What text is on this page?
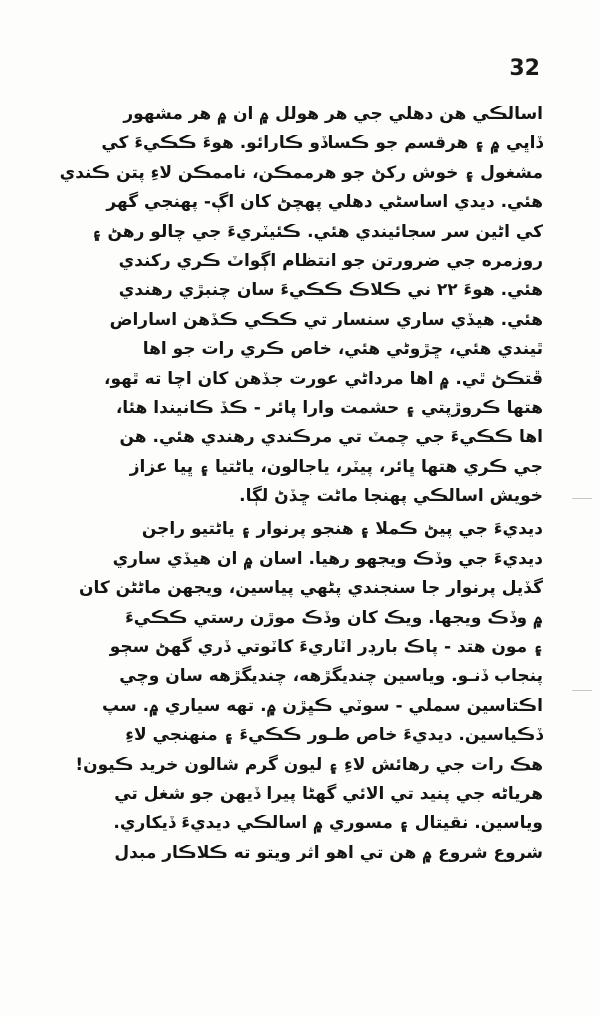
32
اسالڪي هن دهلي جي هر هولل ۾ ان ۾ هر مشهور
ڏاڀي ۾ ۽ هرقسم جو ڪساڏو ڪارائو. هوءَ ڪڪيءَ کي
مشغول ۽ خوش رکڻ جو هرممڪن، ناممڪن لاءِ پتن ڪندي
هئي. ديدي اساسڻي دهلي پهچڻ کان اڳ- پهنجي گهر
کي اڻين سر سجائيندي هئي. ڪئيٽريءَ جي چالو رهڻ ۽
روزمره جي ضرورتن جو انتظام اڳواٽ ڪري رکندي
هئي. هوءَ ٢٢ ني ڪلاڪ ڪڪيءَ سان چنبڙي رهندي
هئي. هيڏي ساري سنسار تي ڪڪي ڪڏهن اساراض
ٿيندي هئي، ڇڙوڻي هئي، خاص ڪري رات جو اها
ڦتڪڻ ٿي. ۾ اها مرداڻي عورت جڏهن کان اچا ته ٿهو،
هتها ڪروڙپتي ۽ حشمت وارا پائر - ڪڏ ڪانيندا هئا،
اها ڪڪيءَ جي چمٽ تي مرڪندي رهندي هئي. هن
جي ڪري هتها ڀائر، پيٽر، ياجالون، ياڻتيا ۽ ڀيا عزاز
خويش اسالڪي پهنجا ماڻت ڇڏڻ لڳا.
ديديءَ جي پيڻ ڪملا ۽ هنجو پرنوار ۽ ياڻتيو راجن
ديديءَ جي وڏڪ ويجهو رهيا. اسان ۾ ان هيڏي ساري
گڏيل پرنوار جا سنجندي پڻهي پياسين، ويجهن ماڻڻن کان
۾ وڏڪ ويجها. ويڪ کان وڏڪ موڙن رستي ڪڪيءَ
۽ مون هتد - پاڪ بارڊر اٽاريءَ کاٽوتي ڏري گهڻ سڄو
پنجاب ڏنـو. وياسين چنديگڙهه، چنديگڙهه سان وچي
اڪتاسين سملي - سوٽي ڪڀڙن ۾. تهه سياري ۾. سپ
ڏڪياسين. ديديءَ خاص طـور ڪڪيءَ ۽ منهنجي لاءِ
هڪ رات جي رهائش لاءِ ۽ ليون گرم شالون خريد ڪيون!
هرياڻه جي پنيد تي الائي گهڻا پيرا ڏيهن جو شغل تي
وياسين. نقيتال ۽ مسوري ۾ اسالڪي ديديءَ ڏيکاري.
شروع شروع ۾ هن تي اهو اثر ويتو ته ڪلاڪار مبدل
